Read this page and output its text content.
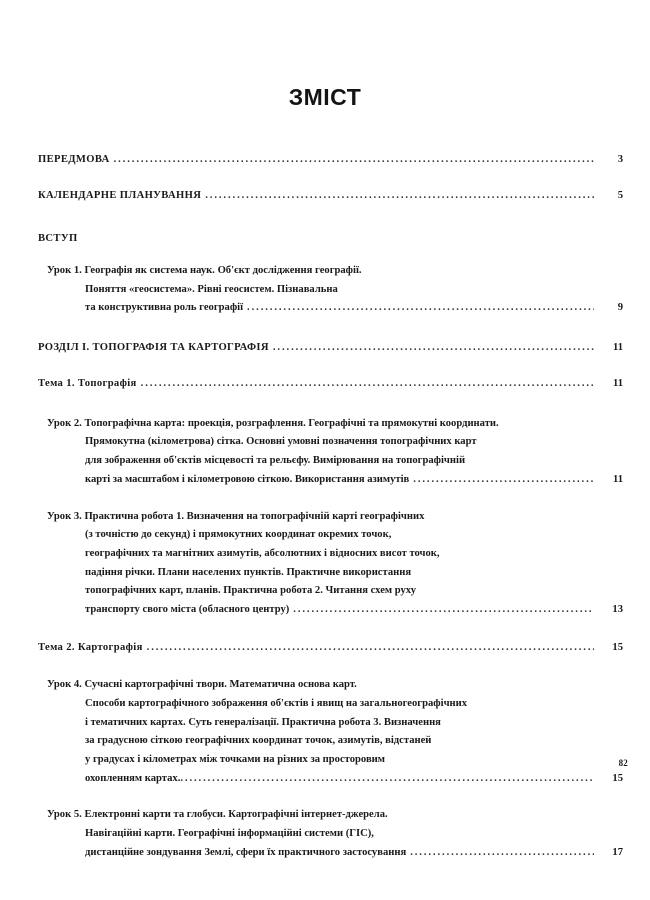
ЗМІСТ
ПЕРЕДМОВА .....	3
КАЛЕНДАРНЕ ПЛАНУВАННЯ .....	5
ВСТУП
Урок 1. Географія як система наук. Об'єкт дослідження географії.
Поняття «геосистема». Рівні геосистем. Пізнавальна
та конструктивна роль географії .....	9
РОЗДІЛ І. ТОПОГРАФІЯ ТА КАРТОГРАФІЯ .....	11
Тема 1. Топографія .....	11
Урок 2. Топографічна карта: проекція, розграфлення. Географічні та прямокутні координати.
Прямокутна (кілометрова) сітка. Основні умовні позначення топографічних карт
для зображення об'єктів місцевості та рельєфу. Вимірювання на топографічній
карті за масштабом і кілометровою сіткою. Використання азимутів .....	11
Урок 3. Практична робота 1. Визначення на топографічній карті географічних
(з точністю до секунд) і прямокутних координат окремих точок,
географічних та магнітних азимутів, абсолютних і відносних висот точок,
падіння річки. Плани населених пунктів. Практичне використання
топографічних карт, планів. Практична робота 2. Читання схем руху
транспорту свого міста (обласного центру) .....	13
Тема 2. Картографія .....	15
Урок 4. Сучасні картографічні твори. Математична основа карт.
Способи картографічного зображення об'єктів і явищ на загальногеографічних
і тематичних картах. Суть генералізації. Практична робота 3. Визначення
за градусною сіткою географічних координат точок, азимутів, відстаней
у градусах і кілометрах між точками на різних за просторовим
охопленням картах. .....	15
Урок 5. Електронні карти та глобуси. Картографічні інтернет-джерела.
Навігаційні карти. Географічні інформаційні системи (ГІС),
дистанційне зондування Землі, сфери їх практичного застосування .....	17
82
